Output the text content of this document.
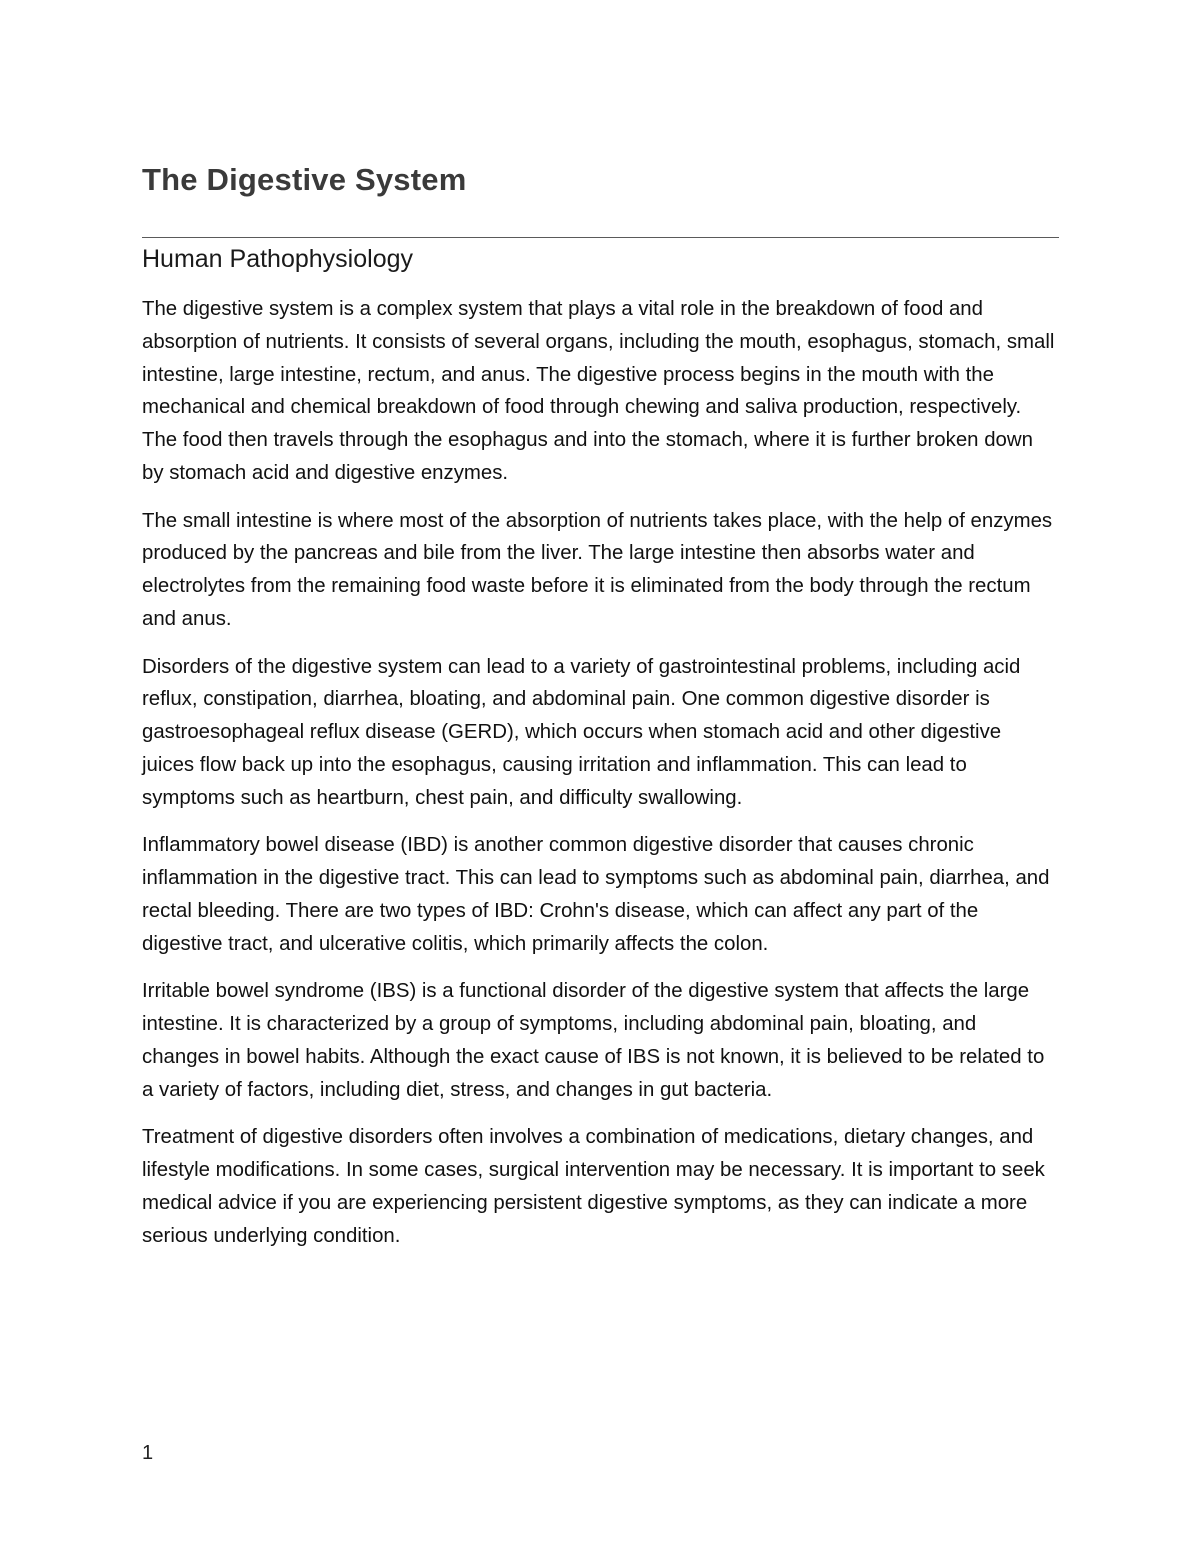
The Digestive System
Human Pathophysiology

The digestive system is a complex system that plays a vital role in the breakdown of food and absorption of nutrients. It consists of several organs, including the mouth, esophagus, stomach, small intestine, large intestine, rectum, and anus. The digestive process begins in the mouth with the mechanical and chemical breakdown of food through chewing and saliva production, respectively. The food then travels through the esophagus and into the stomach, where it is further broken down by stomach acid and digestive enzymes.

The small intestine is where most of the absorption of nutrients takes place, with the help of enzymes produced by the pancreas and bile from the liver. The large intestine then absorbs water and electrolytes from the remaining food waste before it is eliminated from the body through the rectum and anus.

Disorders of the digestive system can lead to a variety of gastrointestinal problems, including acid reflux, constipation, diarrhea, bloating, and abdominal pain. One common digestive disorder is gastroesophageal reflux disease (GERD), which occurs when stomach acid and other digestive juices flow back up into the esophagus, causing irritation and inflammation. This can lead to symptoms such as heartburn, chest pain, and difficulty swallowing.

Inflammatory bowel disease (IBD) is another common digestive disorder that causes chronic inflammation in the digestive tract. This can lead to symptoms such as abdominal pain, diarrhea, and rectal bleeding. There are two types of IBD: Crohn's disease, which can affect any part of the digestive tract, and ulcerative colitis, which primarily affects the colon.

Irritable bowel syndrome (IBS) is a functional disorder of the digestive system that affects the large intestine. It is characterized by a group of symptoms, including abdominal pain, bloating, and changes in bowel habits. Although the exact cause of IBS is not known, it is believed to be related to a variety of factors, including diet, stress, and changes in gut bacteria.

Treatment of digestive disorders often involves a combination of medications, dietary changes, and lifestyle modifications. In some cases, surgical intervention may be necessary. It is important to seek medical advice if you are experiencing persistent digestive symptoms, as they can indicate a more serious underlying condition.

1
